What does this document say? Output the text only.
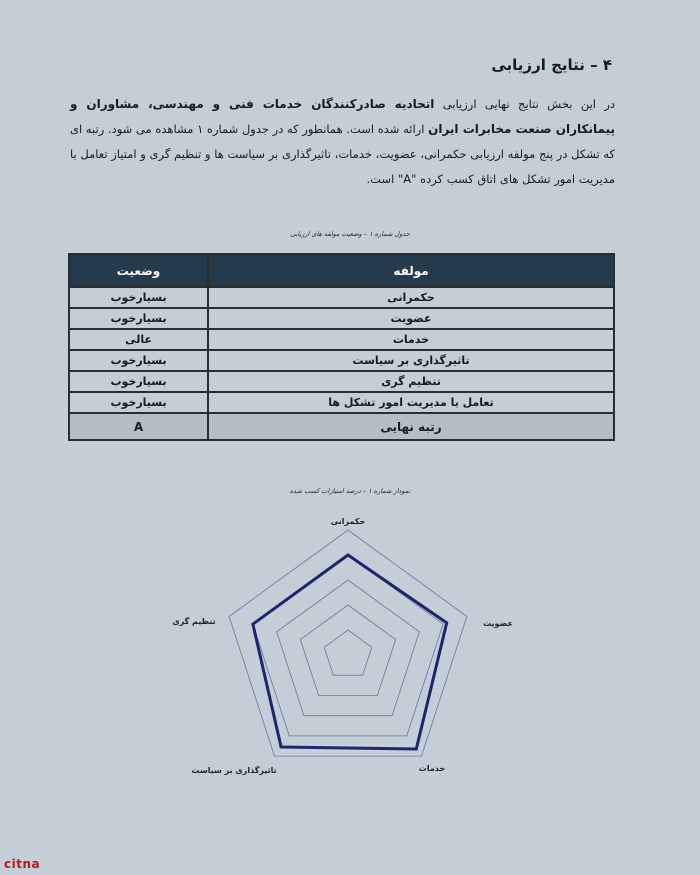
۴ – نتایج ارزیابی
در این بخش نتایج نهایی ارزیابی اتحادیه صادرکنندگان خدمات فنی و مهندسی، مشاوران و پیمانکاران صنعت مخابرات ایران ارائه شده است. همانطور که در جدول شماره ۱ مشاهده می شود. رتبه ای که تشکل در پنج مولفه ارزیابی حکمرانی، عضویت، خدمات، تاثیرگذاری بر سیاست ها و تنظیم گری و امتیاز تعامل با مدیریت امور تشکل های اتاق کسب کرده "A" است.
جدول شماره ۱ – وضعیت مولفه های ارزیابی
مولفه	وضعیت
حکمرانی	بسیارخوب
عضویت	بسیارخوب
خدمات	عالی
تاثیرگذاری بر سیاست	بسیارخوب
تنظیم گری	بسیارخوب
تعامل با مدیریت امور تشکل ها	بسیارخوب
رتبه نهایی	A
نمودار شماره ۱ – درصد امتیازات کسب شده
حکمرانی
عضویت
خدمات
تاثیرگذاری بر سیاست
تنظیم گری
citna
